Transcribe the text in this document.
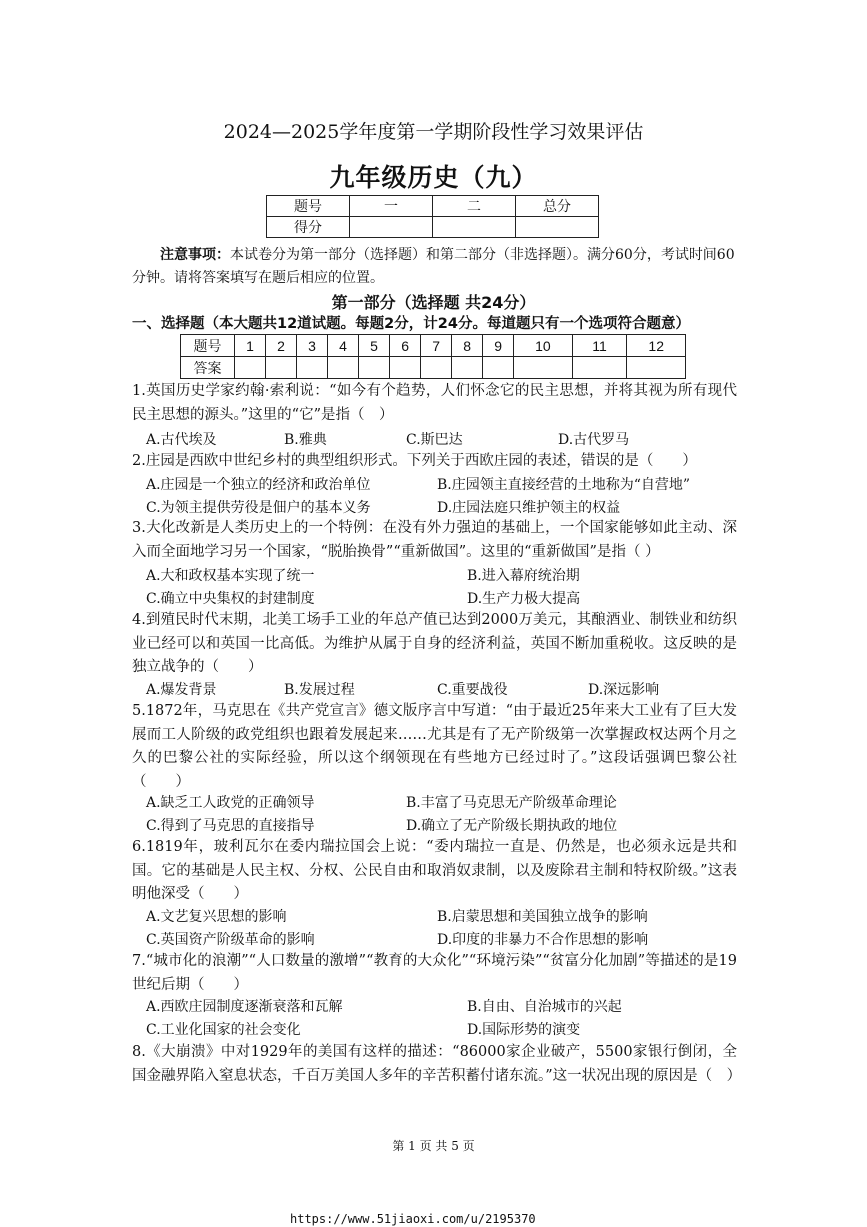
2024—2025学年度第一学期阶段性学习效果评估
九年级历史（九）
题号	一	二	总分
得分			
注意事项：本试卷分为第一部分（选择题）和第二部分（非选择题）。满分60分，考试时间60分钟。请将答案填写在题后相应的位置。
第一部分（选择题 共24分）
一、选择题（本大题共12道试题。每题2分，计24分。每道题只有一个选项符合题意）
题号	1	2	3	4	5	6	7	8	9	10	11	12
答案												
1.英国历史学家约翰·索利说：“如今有个趋势，人们怀念它的民主思想，并将其视为所有现代民主思想的源头。”这里的“它”是指（　）
A.古代埃及	B.雅典	C.斯巴达	D.古代罗马
2.庄园是西欧中世纪乡村的典型组织形式。下列关于西欧庄园的表述，错误的是（　　）
A.庄园是一个独立的经济和政治单位	B.庄园领主直接经营的土地称为“自营地”
C.为领主提供劳役是佃户的基本义务	D.庄园法庭只维护领主的权益
3.大化改新是人类历史上的一个特例：在没有外力强迫的基础上，一个国家能够如此主动、深入而全面地学习另一个国家，“脱胎换骨”“重新做国”。这里的“重新做国”是指（ ）
A.大和政权基本实现了统一	B.进入幕府统治期
C.确立中央集权的封建制度	D.生产力极大提高
4.到殖民时代末期，北美工场手工业的年总产值已达到2000万美元，其酿酒业、制铁业和纺织业已经可以和英国一比高低。为维护从属于自身的经济利益，英国不断加重税收。这反映的是独立战争的（　　）
A.爆发背景	B.发展过程	C.重要战役	D.深远影响
5.1872年，马克思在《共产党宣言》德文版序言中写道：“由于最近25年来大工业有了巨大发展而工人阶级的政党组织也跟着发展起来……尤其是有了无产阶级第一次掌握政权达两个月之久的巴黎公社的实际经验，所以这个纲领现在有些地方已经过时了。”这段话强调巴黎公社（　　）
A.缺乏工人政党的正确领导	B.丰富了马克思无产阶级革命理论
C.得到了马克思的直接指导	D.确立了无产阶级长期执政的地位
6.1819年，玻利瓦尔在委内瑞拉国会上说：“委内瑞拉一直是、仍然是，也必须永远是共和国。它的基础是人民主权、分权、公民自由和取消奴隶制，以及废除君主制和特权阶级。”这表明他深受（　　）
A.文艺复兴思想的影响	B.启蒙思想和美国独立战争的影响
C.英国资产阶级革命的影响	D.印度的非暴力不合作思想的影响
7.“城市化的浪潮”“人口数量的激增”“教育的大众化”“环境污染”“贫富分化加剧”等描述的是19世纪后期（　　）
A.西欧庄园制度逐渐衰落和瓦解	B.自由、自治城市的兴起
C.工业化国家的社会变化	D.国际形势的演变
8.《大崩溃》中对1929年的美国有这样的描述：“86000家企业破产，5500家银行倒闭，全国金融界陷入窒息状态，千百万美国人多年的辛苦积蓄付诸东流。”这一状况出现的原因是（　）
第 1 页 共 5 页
https://www.51jiaoxi.com/u/2195370
